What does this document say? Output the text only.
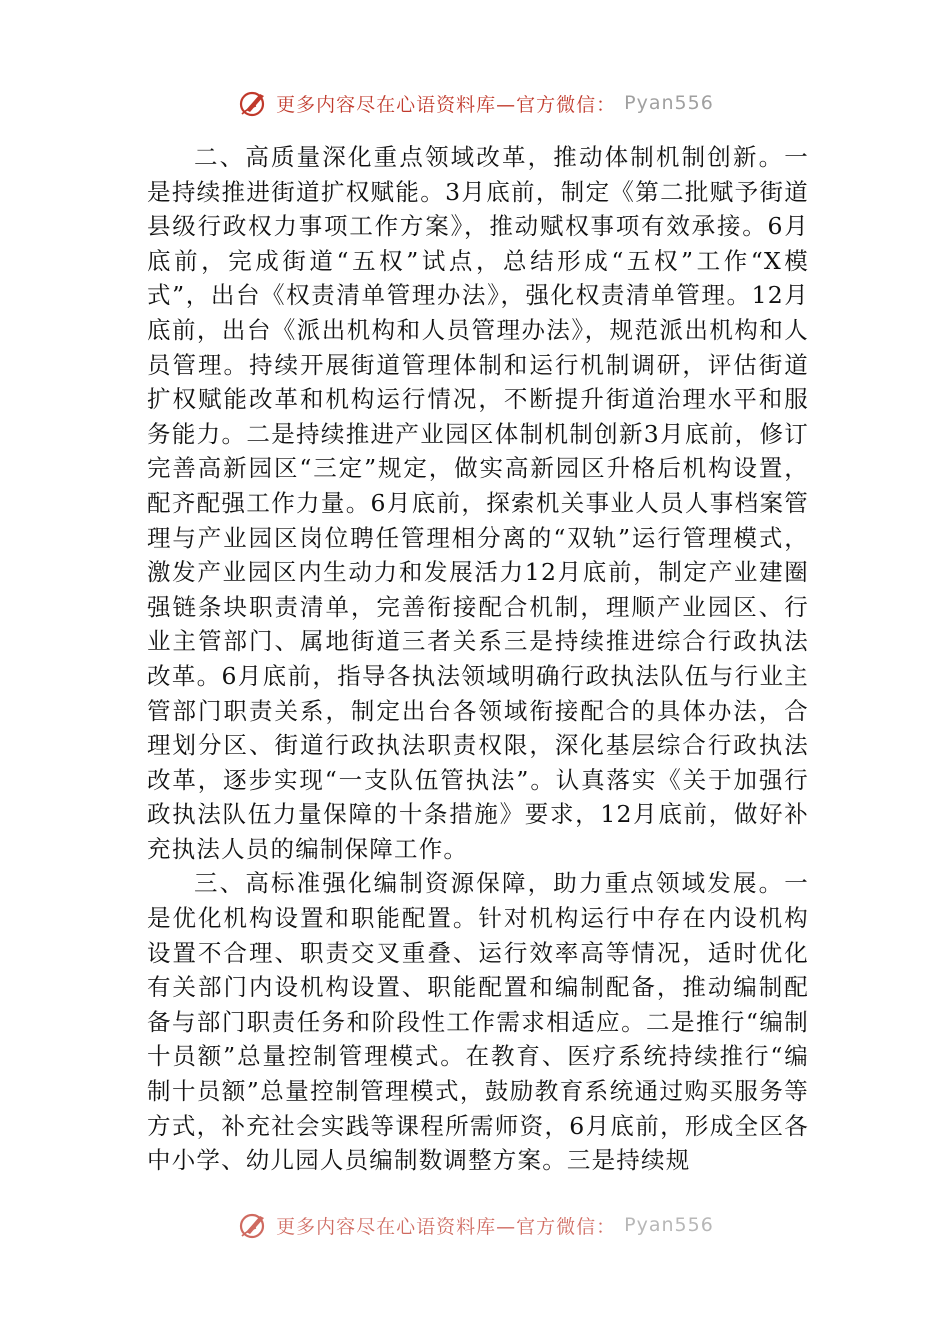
更多内容尽在心语资料库—官方微信： Pyan556

二、高质量深化重点领域改革，推动体制机制创新。一是持续推进街道扩权赋能。3月底前，制定《第二批赋予街道县级行政权力事项工作方案》，推动赋权事项有效承接。6月底前，完成街道“五权”试点，总结形成“五权”工作“X模式”，出台《权责清单管理办法》，强化权责清单管理。12月底前，出台《派出机构和人员管理办法》，规范派出机构和人员管理。持续开展街道管理体制和运行机制调研，评估街道扩权赋能改革和机构运行情况，不断提升街道治理水平和服务能力。二是持续推进产业园区体制机制创新3月底前，修订完善高新园区“三定”规定，做实高新园区升格后机构设置，配齐配强工作力量。6月底前，探索机关事业人员人事档案管理与产业园区岗位聘任管理相分离的“双轨”运行管理模式，激发产业园区内生动力和发展活力12月底前，制定产业建圈强链条块职责清单，完善衔接配合机制，理顺产业园区、行业主管部门、属地街道三者关系三是持续推进综合行政执法改革。6月底前，指导各执法领域明确行政执法队伍与行业主管部门职责关系，制定出台各领域衔接配合的具体办法，合理划分区、街道行政执法职责权限，深化基层综合行政执法改革，逐步实现“一支队伍管执法”。认真落实《关于加强行政执法队伍力量保障的十条措施》要求，12月底前，做好补充执法人员的编制保障工作。

三、高标准强化编制资源保障，助力重点领域发展。一是优化机构设置和职能配置。针对机构运行中存在内设机构设置不合理、职责交叉重叠、运行效率高等情况，适时优化有关部门内设机构设置、职能配置和编制配备，推动编制配备与部门职责任务和阶段性工作需求相适应。二是推行“编制十员额”总量控制管理模式。在教育、医疗系统持续推行“编制十员额”总量控制管理模式，鼓励教育系统通过购买服务等方式，补充社会实践等课程所需师资，6月底前，形成全区各中小学、幼儿园人员编制数调整方案。三是持续规

更多内容尽在心语资料库—官方微信： Pyan556
